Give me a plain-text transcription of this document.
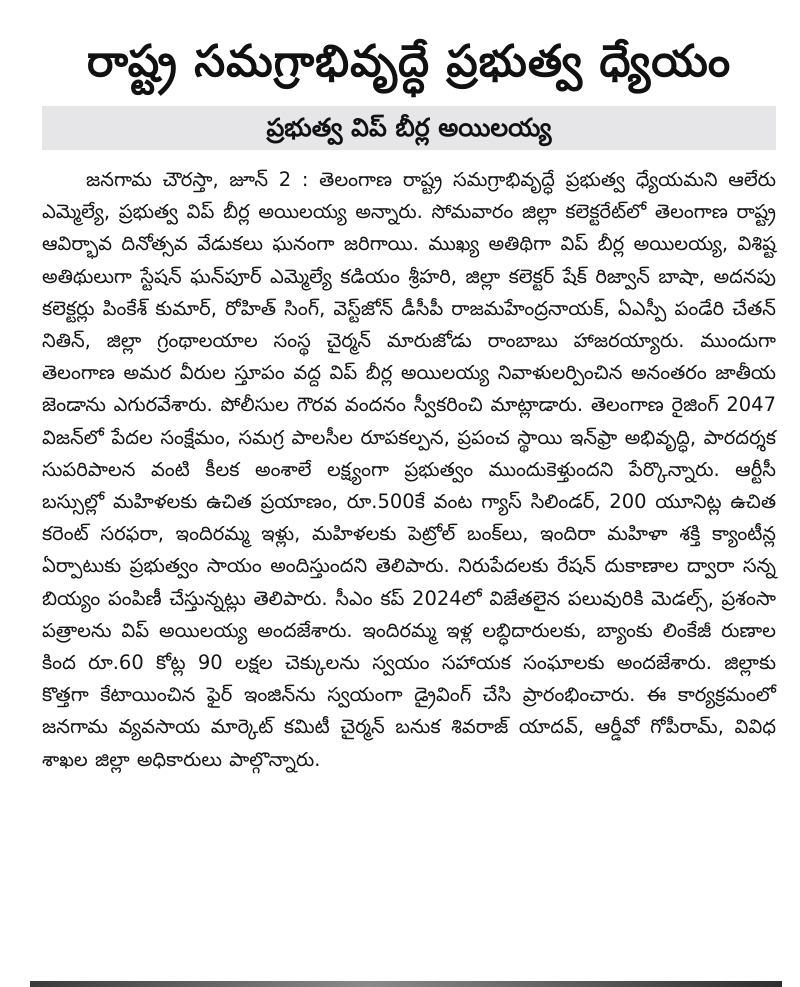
రాష్ట్ర సమగ్రాభివృద్ధే ప్రభుత్వ ధ్యేయం
ప్రభుత్వ విప్ బీర్ల అయిలయ్య

జనగామ చౌరస్తా, జూన్ 2 : తెలంగాణ రాష్ట్ర సమగ్రాభివృద్ధే ప్రభుత్వ ధ్యేయమని ఆలేరు ఎమ్మెల్యే, ప్రభుత్వ విప్ బీర్ల అయిలయ్య అన్నారు. సోమవారం జిల్లా కలెక్టరేట్‌లో తెలంగాణ రాష్ట్ర ఆవిర్భావ దినోత్సవ వేడుకలు ఘనంగా జరిగాయి. ముఖ్య అతిథిగా విప్ బీర్ల అయిలయ్య, విశిష్ట అతిథులుగా స్టేషన్ ఘన్‌పూర్ ఎమ్మెల్యే కడియం శ్రీహరి, జిల్లా కలెక్టర్ షేక్ రిజ్వాన్ బాషా, అదనపు కలెక్టర్లు పింకేశ్ కుమార్, రోహిత్ సింగ్, వెస్ట్‌జోన్ డీసీపీ రాజమహేంద్రనాయక్, ఏఎస్పీ పండేరి చేతన్ నితిన్, జిల్లా గ్రంథాలయాల సంస్థ చైర్మన్ మారుజోడు రాంబాబు హాజరయ్యారు. ముందుగా తెలంగాణ అమర వీరుల స్తూపం వద్ద విప్ బీర్ల అయిలయ్య నివాళులర్పించిన అనంతరం జాతీయ జెండాను ఎగురవేశారు. పోలీసుల గౌరవ వందనం స్వీకరించి మాట్లాడారు. తెలంగాణ రైజింగ్ 2047 విజన్‌లో పేదల సంక్షేమం, సమగ్ర పాలసీల రూపకల్పన, ప్రపంచ స్థాయి ఇన్‌ఫ్రా అభివృద్ధి, పారదర్శక సుపరిపాలన వంటి కీలక అంశాలే లక్ష్యంగా ప్రభుత్వం ముందుకెళ్తుందని పేర్కొన్నారు. ఆర్టీసీ బస్సుల్లో మహిళలకు ఉచిత ప్రయాణం, రూ.500కే వంట గ్యాస్ సిలిండర్, 200 యూనిట్ల ఉచిత కరెంట్ సరఫరా, ఇందిరమ్మ ఇళ్లు, మహిళలకు పెట్రోల్ బంక్‌లు, ఇందిరా మహిళా శక్తి క్యాంటీన్ల ఏర్పాటుకు ప్రభుత్వం సాయం అందిస్తుందని తెలిపారు. నిరుపేదలకు రేషన్ దుకాణాల ద్వారా సన్న బియ్యం పంపిణీ చేస్తున్నట్లు తెలిపారు. సీఎం కప్ 2024లో విజేతలైన పలువురికి మెడల్స్, ప్రశంసా పత్రాలను విప్ అయిలయ్య అందజేశారు. ఇందిరమ్మ ఇళ్ల లబ్ధిదారులకు, బ్యాంకు లింకేజీ రుణాల కింద రూ.60 కోట్ల 90 లక్షల చెక్కులను స్వయం సహాయక సంఘాలకు అందజేశారు. జిల్లాకు కొత్తగా కేటాయించిన ఫైర్ ఇంజిన్‌ను స్వయంగా డ్రైవింగ్ చేసి ప్రారంభించారు. ఈ కార్యక్రమంలో జనగామ వ్యవసాయ మార్కెట్ కమిటీ చైర్మన్ బనుక శివరాజ్ యాదవ్, ఆర్డీవో గోపీరామ్, వివిధ శాఖల జిల్లా అధికారులు పాల్గొన్నారు.
